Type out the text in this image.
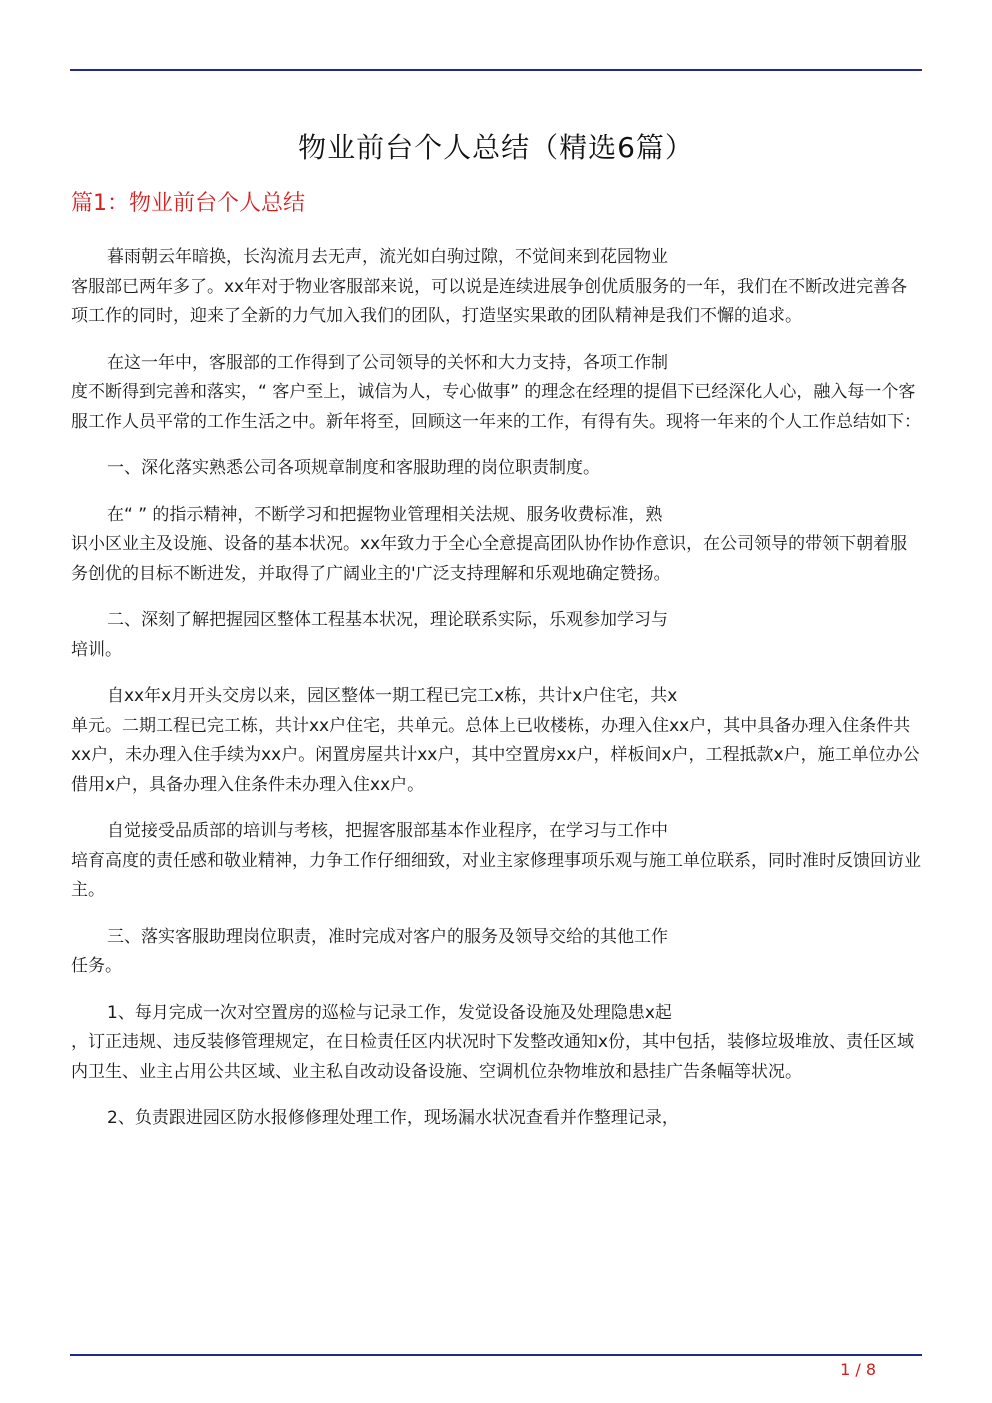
物业前台个人总结（精选6篇）
篇1：物业前台个人总结

暮雨朝云年暗换，长沟流月去无声，流光如白驹过隙，不觉间来到花园物业
客服部已两年多了。xx年对于物业客服部来说，可以说是连续进展争创优质服务的一年，我们在不断改进完善各项工作的同时，迎来了全新的力气加入我们的团队，打造坚实果敢的团队精神是我们不懈的追求。

在这一年中，客服部的工作得到了公司领导的关怀和大力支持，各项工作制
度不断得到完善和落实，“ 客户至上，诚信为人，专心做事” 的理念在经理的提倡下已经深化人心，融入每一个客服工作人员平常的工作生活之中。新年将至，回顾这一年来的工作，有得有失。现将一年来的个人工作总结如下：

一、深化落实熟悉公司各项规章制度和客服助理的岗位职责制度。

在“ ” 的指示精神，不断学习和把握物业管理相关法规、服务收费标准，熟
识小区业主及设施、设备的基本状况。xx年致力于全心全意提高团队协作协作意识，在公司领导的带领下朝着服务创优的目标不断进发，并取得了广阔业主的'广泛支持理解和乐观地确定赞扬。

二、深刻了解把握园区整体工程基本状况，理论联系实际，乐观参加学习与
培训。

自xx年x月开头交房以来，园区整体一期工程已完工x栋，共计x户住宅，共x
单元。二期工程已完工栋，共计xx户住宅，共单元。总体上已收楼栋，办理入住xx户，其中具备办理入住条件共xx户，未办理入住手续为xx户。闲置房屋共计xx户，其中空置房xx户，样板间x户，工程抵款x户，施工单位办公借用x户，具备办理入住条件未办理入住xx户。

自觉接受品质部的培训与考核，把握客服部基本作业程序，在学习与工作中
培育高度的责任感和敬业精神，力争工作仔细细致，对业主家修理事项乐观与施工单位联系，同时准时反馈回访业主。

三、落实客服助理岗位职责，准时完成对客户的服务及领导交给的其他工作
任务。

1、每月完成一次对空置房的巡检与记录工作，发觉设备设施及处理隐患x起
，订正违规、违反装修管理规定，在日检责任区内状况时下发整改通知x份，其中包括，装修垃圾堆放、责任区域内卫生、业主占用公共区域、业主私自改动设备设施、空调机位杂物堆放和悬挂广告条幅等状况。

2、负责跟进园区防水报修修理处理工作，现场漏水状况查看并作整理记录，

1 / 8
